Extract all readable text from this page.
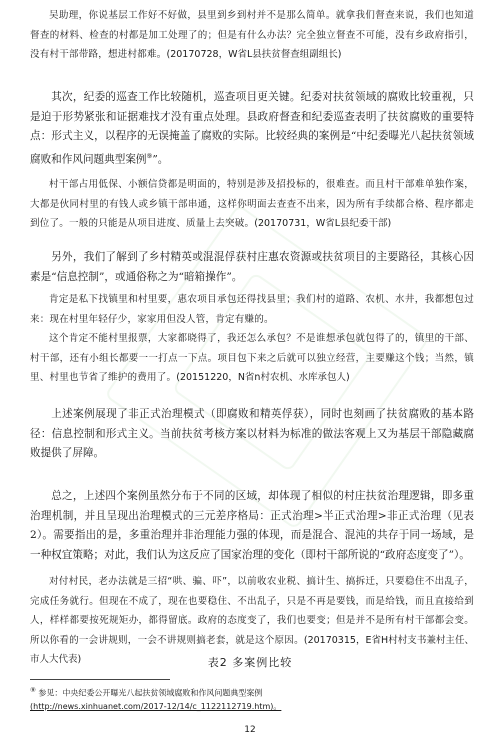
吴助理，你说基层工作好不好做，县里到乡到村并不是那么简单。就拿我们督查来说，我们也知道督查的材料、检查的村都是加工处理了的；但是有什么办法？完全独立督查不可能，没有乡政府指引，没有村干部带路，想进村都难。(20170728，W省L县扶贫督查组副组长)
其次，纪委的巡查工作比较随机，巡查项目更关键。纪委对扶贫领域的腐败比较重视，只是迫于形势紧张和证据难找才没有重点处理。县政府督查和纪委巡查表明了扶贫腐败的重要特点：形式主义，以程序的无误掩盖了腐败的实际。比较经典的案例是“中纪委曝光八起扶贫领域腐败和作风问题典型案例⑨”。
村干部占用低保、小额信贷都是明面的，特别是涉及招投标的，很难查。而且村干部难单独作案，大都是伙同村里的有钱人或乡镇干部串通，这样你明面去查查不出来，因为所有手续都合格、程序都走到位了。一般的只能是从项目进度、质量上去突破。(20170731，W省L县纪委干部)
另外，我们了解到了乡村精英或混混俘获村庄惠农资源或扶贫项目的主要路径，其核心因素是“信息控制”，或通俗称之为“暗箱操作”。
肯定是私下找镇里和村里要，惠农项目承包还得找县里；我们村的道路、农机、水井，我都想包过来：现在村里年轻仔少，家家用但没人管，肯定有赚的。
这个肯定不能村里报票，大家都晓得了，我还怎么承包？不是谁想承包就包得了的，镇里的干部、村干部，还有小组长都要一一打点一下点。项目包下来之后就可以独立经营，主要赚这个钱；当然，镇里、村里也节省了维护的费用了。(20151220，N省n村农机、水库承包人)
上述案例展现了非正式治理模式（即腐败和精英俘获），同时也刻画了扶贫腐败的基本路径：信息控制和形式主义。当前扶贫考核方案以材料为标准的做法客观上又为基层干部隐藏腐败提供了屏障。
总之，上述四个案例虽然分布于不同的区域，却体现了相似的村庄扶贫治理逻辑，即多重治理机制，并且呈现出治理模式的三元差序格局：正式治理>半正式治理>非正式治理（见表2）。需要指出的是，多重治理并非治理能力强的体现，而是混合、混沌的共存于同一场域，是一种权宜策略；对此，我们认为这反应了国家治理的变化（即村干部所说的“政府态度变了”）。
对付村民，老办法就是三招“哄、骗、吓”，以前收农业税、搞计生、搞拆迁，只要稳住不出乱子，完成任务就行。但现在不成了，现在也要稳住、不出乱子，只是不再是要钱，而是给钱，而且直接给到人，样样都要按死规矩办，都得留底。政府的态度变了，我们也要变；但是并不是所有村干部都会变。所以你看的一会讲规则，一会不讲规则搞老套，就是这个原因。(20170315，E省H村村支书兼村主任、市人大代表)	表2 多案例比较
⑨ 参见：中央纪委公开曝光八起扶贫领域腐败和作风问题典型案例
(http://news.xinhuanet.com/2017-12/14/c_1122112719.htm)。
12
